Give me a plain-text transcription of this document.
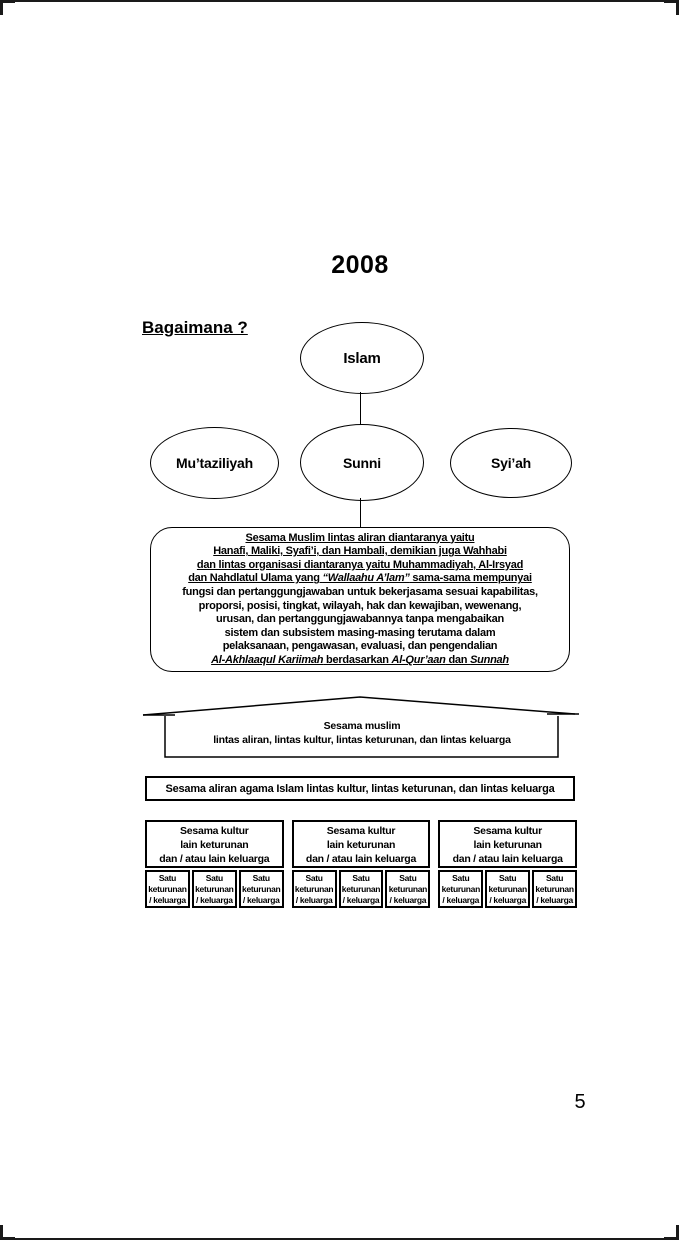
2008
Bagaimana ?
Islam
Mu’taziliyah	Sunni	Syi’ah
Sesama Muslim lintas aliran diantaranya yaitu
Hanafi, Maliki, Syafi’i, dan Hambali, demikian juga Wahhabi
dan lintas organisasi diantaranya yaitu Muhammadiyah, Al-Irsyad
dan Nahdlatul Ulama yang “Wallaahu A’lam” sama-sama mempunyai
fungsi dan pertanggungjawaban untuk bekerjasama sesuai kapabilitas,
proporsi, posisi, tingkat, wilayah, hak dan kewajiban, wewenang,
urusan, dan pertanggungjawabannya tanpa mengabaikan
sistem dan subsistem masing-masing terutama dalam
pelaksanaan, pengawasan, evaluasi, dan pengendalian
Al-Akhlaaqul Kariimah berdasarkan Al-Qur’aan dan Sunnah
Sesama muslim
lintas aliran, lintas kultur, lintas keturunan, dan lintas keluarga
Sesama aliran agama Islam lintas kultur, lintas keturunan, dan lintas keluarga
Sesama kultur
lain keturunan
dan / atau lain keluarga
Satu
keturunan
/ keluarga
Satu
keturunan
/ keluarga
Satu
keturunan
/ keluarga
Sesama kultur
lain keturunan
dan / atau lain keluarga
Satu
keturunan
/ keluarga
Satu
keturunan
/ keluarga
Satu
keturunan
/ keluarga
Sesama kultur
lain keturunan
dan / atau lain keluarga
Satu
keturunan
/ keluarga
Satu
keturunan
/ keluarga
Satu
keturunan
/ keluarga
5
